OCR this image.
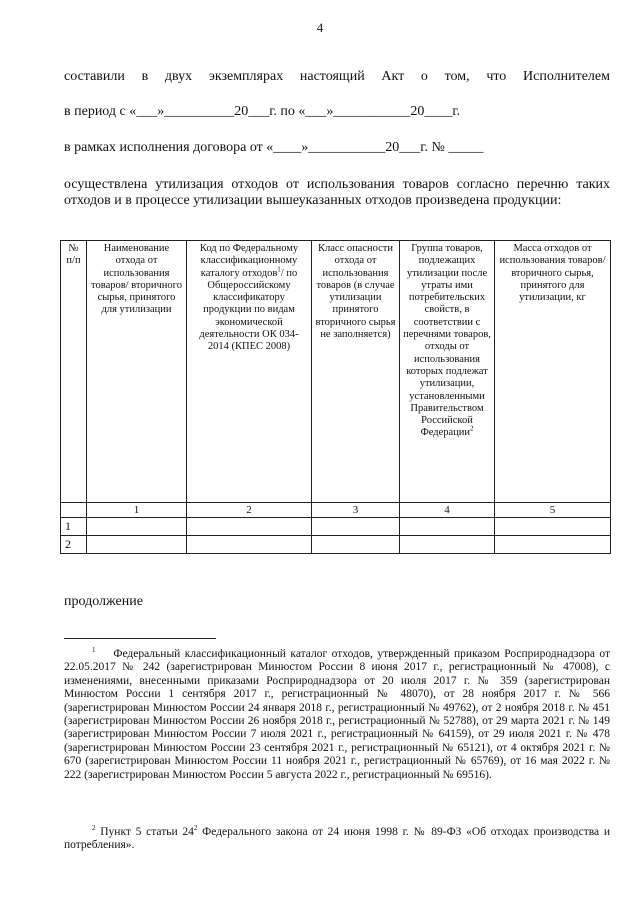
4
составили в двух экземплярах настоящий Акт о том, что Исполнителем
в период с «___»__________20___г. по «___»___________20____г.
в рамках исполнения договора от «____»___________20___г. № _____
осуществлена утилизация отходов от использования товаров согласно перечню таких отходов и в процессе утилизации вышеуказанных отходов произведена продукции:
№ п/п	Наименование отхода от использования товаров/ вторичного сырья, принятого для утилизации	Код по Федеральному классификационному каталогу отходов$^1$/ по Общероссийскому классификатору продукции по видам экономической деятельности ОК 034-2014 (КПЕС 2008)	Класс опасности отхода от использования товаров (в случае утилизации принятого вторичного сырья не заполняется)	Группа товаров, подлежащих утилизации после утраты ими потребительских свойств, в соответствии с перечнями товаров, отходы от использования которых подлежат утилизации, установленными Правительством Российской Федерации$^2$	Масса отходов от использования товаров/вторичного сырья, принятого для утилизации, кг
	1	2	3	4	5
1					
2					
продолжение
$^1$ Федеральный классификационный каталог отходов, утвержденный приказом Росприроднадзора от 22.05.2017 № 242 (зарегистрирован Минюстом России 8 июня 2017 г., регистрационный № 47008), с изменениями, внесенными приказами Росприроднадзора от 20 июля 2017 г. № 359 (зарегистрирован Минюстом России 1 сентября 2017 г., регистрационный № 48070), от 28 ноября 2017 г. № 566 (зарегистрирован Минюстом России 24 января 2018 г., регистрационный № 49762), от 2 ноября 2018 г. № 451 (зарегистрирован Минюстом России 26 ноября 2018 г., регистрационный № 52788), от 29 марта 2021 г. № 149 (зарегистрирован Минюстом России 7 июля 2021 г., регистрационный № 64159), от 29 июля 2021 г. № 478 (зарегистрирован Минюстом России 23 сентября 2021 г., регистрационный № 65121), от 4 октября 2021 г. № 670 (зарегистрирован Минюстом России 11 ноября 2021 г., регистрационный № 65769), от 16 мая 2022 г. № 222 (зарегистрирован Минюстом России 5 августа 2022 г., регистрационный № 69516).
$^2$ Пункт 5 статьи $24^2$ Федерального закона от 24 июня 1998 г. № 89-ФЗ «Об отходах производства и потребления».
